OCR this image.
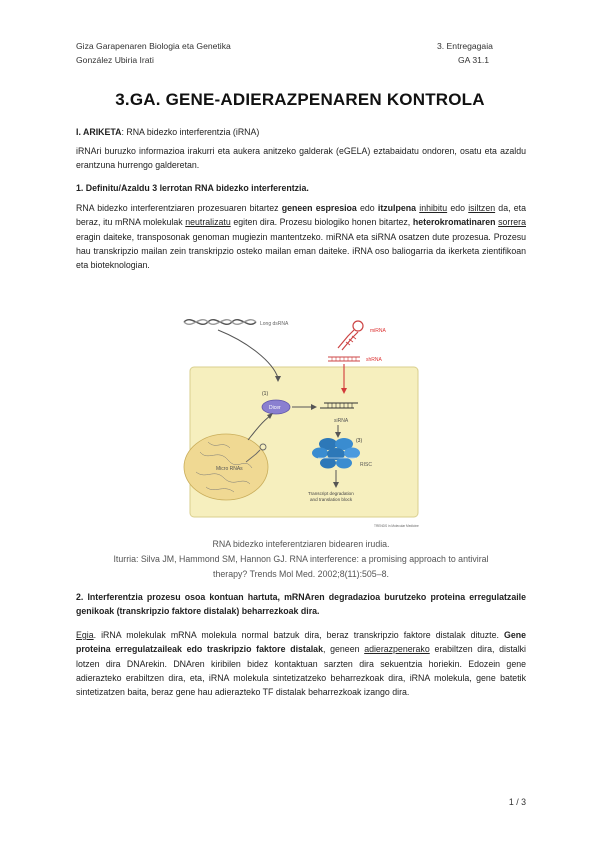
Giza Garapenaren Biologia eta Genetika
González Ubiria Irati
3. Entregagaia
GA 31.1
3.GA. GENE-ADIERAZPENAREN KONTROLA
I. ARIKETA: RNA bidezko interferentzia (iRNA)
iRNAri buruzko informazioa irakurri eta aukera anitzeko galderak (eGELA) eztabaidatu ondoren, osatu eta azaldu erantzuna hurrengo galderetan.
1. Definitu/Azaldu 3 lerrotan RNA bidezko interferentzia.
RNA bidezko interferentziaren prozesuaren bitartez geneen espresioa edo itzulpena inhibitu edo isiltzen da, eta beraz, itu mRNA molekulak neutralizatu egiten dira. Prozesu biologiko honen bitartez, heterokromatinaren sorrera eragin daiteke, transposonak genoman mugiezin mantentzeko. miRNA eta siRNA osatzen dute prozesua. Prozesu hau transkripzio mailan zein transkripzio osteko mailan eman daiteke. iRNA oso baliogarria da ikerketa zientifikoan eta bioteknologian.
Long dsRNA
miRNA
shRNA
(1)
Dicer
siRNA
Micro RNAs
(3)
RISC
Transcript degradation
and translation block
TRENDS in Molecular Medicine
RNA bidezko inteferentziaren bidearen irudia.
Iturria: Silva JM, Hammond SM, Hannon GJ. RNA interference: a promising approach to antiviral
therapy? Trends Mol Med. 2002;8(11):505–8.
2. Interferentzia prozesu osoa kontuan hartuta, mRNAren degradazioa burutzeko proteina erregulatzaile genikoak (transkripzio faktore distalak) beharrezkoak dira.
Egia. iRNA molekulak mRNA molekula normal batzuk dira, beraz transkripzio faktore distalak dituzte. Gene proteina erregulatzaileak edo traskripzio faktore distalak, geneen adierazpenerako erabiltzen dira, distalki lotzen dira DNArekin. DNAren kiribilen bidez kontaktuan sarzten dira sekuentzia horiekin. Edozein gene adierazteko erabiltzen dira, eta, iRNA molekula sintetizatzeko beharrezkoak dira, iRNA molekula, gene batetik sintetizatzen baita, beraz gene hau adierazteko TF distalak beharrezkoak izango dira.
1 / 3
